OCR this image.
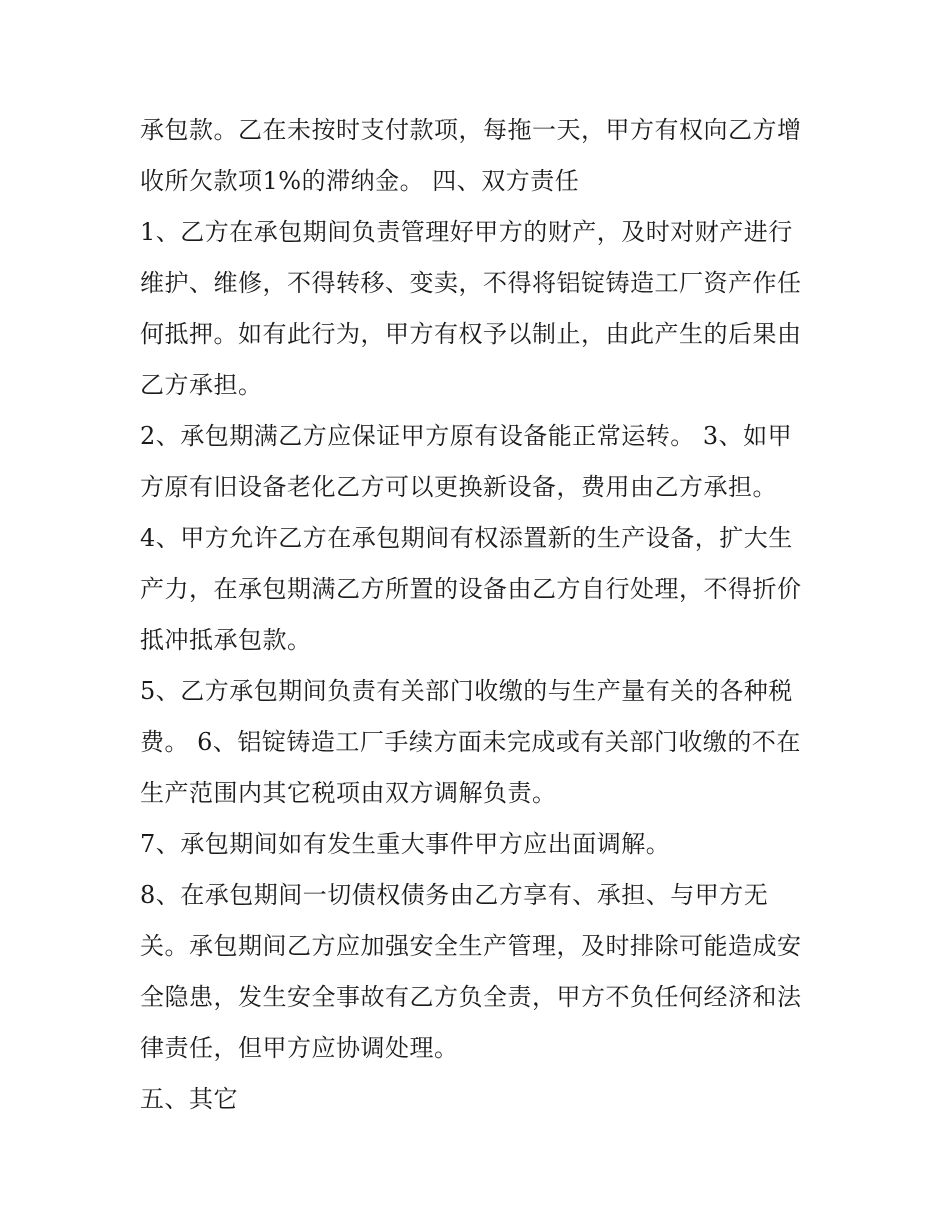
承包款。乙在未按时支付款项，每拖一天，甲方有权向乙方增
收所欠款项1%的滞纳金。 四、双方责任
1、乙方在承包期间负责管理好甲方的财产，及时对财产进行
维护、维修，不得转移、变卖，不得将铝锭铸造工厂资产作任
何抵押。如有此行为，甲方有权予以制止，由此产生的后果由
乙方承担。
2、承包期满乙方应保证甲方原有设备能正常运转。 3、如甲
方原有旧设备老化乙方可以更换新设备，费用由乙方承担。
4、甲方允许乙方在承包期间有权添置新的生产设备，扩大生
产力，在承包期满乙方所置的设备由乙方自行处理，不得折价
抵冲抵承包款。
5、乙方承包期间负责有关部门收缴的与生产量有关的各种税
费。 6、铝锭铸造工厂手续方面未完成或有关部门收缴的不在
生产范围内其它税项由双方调解负责。
7、承包期间如有发生重大事件甲方应出面调解。
8、在承包期间一切债权债务由乙方享有、承担、与甲方无
关。承包期间乙方应加强安全生产管理，及时排除可能造成安
全隐患，发生安全事故有乙方负全责，甲方不负任何经济和法
律责任，但甲方应协调处理。
五、其它
